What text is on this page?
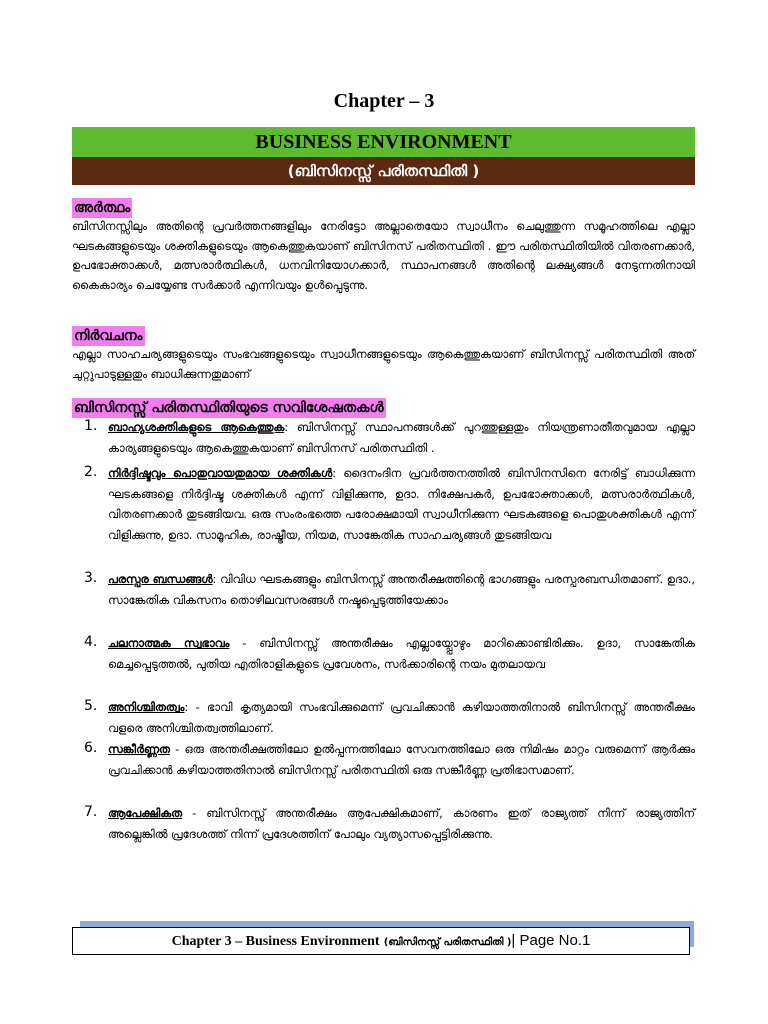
Chapter – 3
BUSINESS ENVIRONMENT
(ബിസിനസ്സ് പരിതസ്ഥിതി )
അർത്ഥം
ബിസിനസ്സിലും അതിന്റെ പ്രവർത്തനങ്ങളിലും നേരിട്ടോ അല്ലാതെയോ സ്വാധീനം ചെലുത്തുന്ന സമൂഹത്തിലെ എല്ലാ ഘടകങ്ങളുടെയും ശക്തികളുടെയും ആകെത്തുകയാണ് ബിസിനസ് പരിതസ്ഥിതി . ഈ പരിതസ്ഥിതിയിൽ വിതരണക്കാർ, ഉപഭോക്താക്കൾ, മത്സരാർത്ഥികൾ, ധനവിനിയോഗക്കാർ, സ്ഥാപനങ്ങൾ അതിന്റെ ലക്ഷ്യങ്ങൾ നേടുന്നതിനായി കൈകാര്യം ചെയ്യേണ്ട സർക്കാർ എന്നിവയും ഉൾപ്പെടുന്നു.
നിർവചനം
എല്ലാ സാഹചര്യങ്ങളുടെയും സംഭവങ്ങളുടെയും സ്വാധീനങ്ങളുടെയും ആകെത്തുകയാണ് ബിസിനസ്സ് പരിതസ്ഥിതി അത് ചുറ്റുപാടുള്ളതും ബാധിക്കുന്നതുമാണ്
ബിസിനസ്സ് പരിതസ്ഥിതിയുടെ സവിശേഷതകൾ
1. ബാഹ്യശക്തികളുടെ ആകെത്തുക: ബിസിനസ്സ് സ്ഥാപനങ്ങൾക്ക് പുറത്തുള്ളതും നിയന്ത്രണാതീതവുമായ എല്ലാ കാര്യങ്ങളുടെയും ആകെത്തുകയാണ് ബിസിനസ് പരിതസ്ഥിതി .
2. നിർദ്ദിഷ്ടവും പൊതുവായതുമായ ശക്തികൾ: ദൈനംദിന പ്രവർത്തനത്തിൽ ബിസിനസിനെ നേരിട്ട് ബാധിക്കുന്ന ഘടകങ്ങളെ നിർദ്ദിഷ്ട ശക്തികൾ എന്ന് വിളിക്കുന്നു, ഉദാ. നിക്ഷേപകർ, ഉപഭോക്താക്കൾ, മത്സരാർത്ഥികൾ, വിതരണക്കാർ തുടങ്ങിയവ. ഒരു സംരംഭത്തെ പരോക്ഷമായി സ്വാധീനിക്കുന്ന ഘടകങ്ങളെ പൊതുശക്തികൾ എന്ന് വിളിക്കുന്നു, ഉദാ. സാമൂഹിക, രാഷ്ട്രീയ, നിയമ, സാങ്കേതിക സാഹചര്യങ്ങൾ തുടങ്ങിയവ
3. പരസ്പര ബന്ധങ്ങൾ: വിവിധ ഘടകങ്ങളും ബിസിനസ്സ് അന്തരീക്ഷത്തിന്റെ ഭാഗങ്ങളും പരസ്പരബന്ധിതമാണ്. ഉദാ., സാങ്കേതിക വികസനം തൊഴിലവസരങ്ങൾ നഷ്ടപ്പെടുത്തിയേക്കാം
4. ചലനാത്മക സ്വഭാവം - ബിസിനസ്സ് അന്തരീക്ഷം എല്ലായ്പ്പോഴും മാറിക്കൊണ്ടിരിക്കും. ഉദാ, സാങ്കേതിക മെച്ചപ്പെടുത്തൽ, പുതിയ എതിരാളികളുടെ പ്രവേശനം, സർക്കാരിന്റെ നയം മുതലായവ
5. അനിശ്ചിതത്വം: - ഭാവി കൃത്യമായി സംഭവിക്കുമെന്ന് പ്രവചിക്കാൻ കഴിയാത്തതിനാൽ ബിസിനസ്സ് അന്തരീക്ഷം വളരെ അനിശ്ചിതത്വത്തിലാണ്.
6. സങ്കീർണ്ണത - ഒരു അന്തരീക്ഷത്തിലോ ഉൽപ്പന്നത്തിലോ സേവനത്തിലോ ഒരു നിമിഷം മാറ്റം വരുമെന്ന് ആർക്കും പ്രവചിക്കാൻ കഴിയാത്തതിനാൽ ബിസിനസ്സ് പരിതസ്ഥിതി ഒരു സങ്കീർണ്ണ പ്രതിഭാസമാണ്.
7. ആപേക്ഷികത - ബിസിനസ്സ് അന്തരീക്ഷം ആപേക്ഷികമാണ്, കാരണം ഇത് രാജ്യത്ത് നിന്ന് രാജ്യത്തിന് അല്ലെങ്കിൽ പ്രദേശത്ത് നിന്ന് പ്രദേശത്തിന് പോലും വ്യത്യാസപ്പെട്ടിരിക്കുന്നു.
Chapter 3 – Business Environment (ബിസിനസ്സ് പരിതസ്ഥിതി )| Page No.1
